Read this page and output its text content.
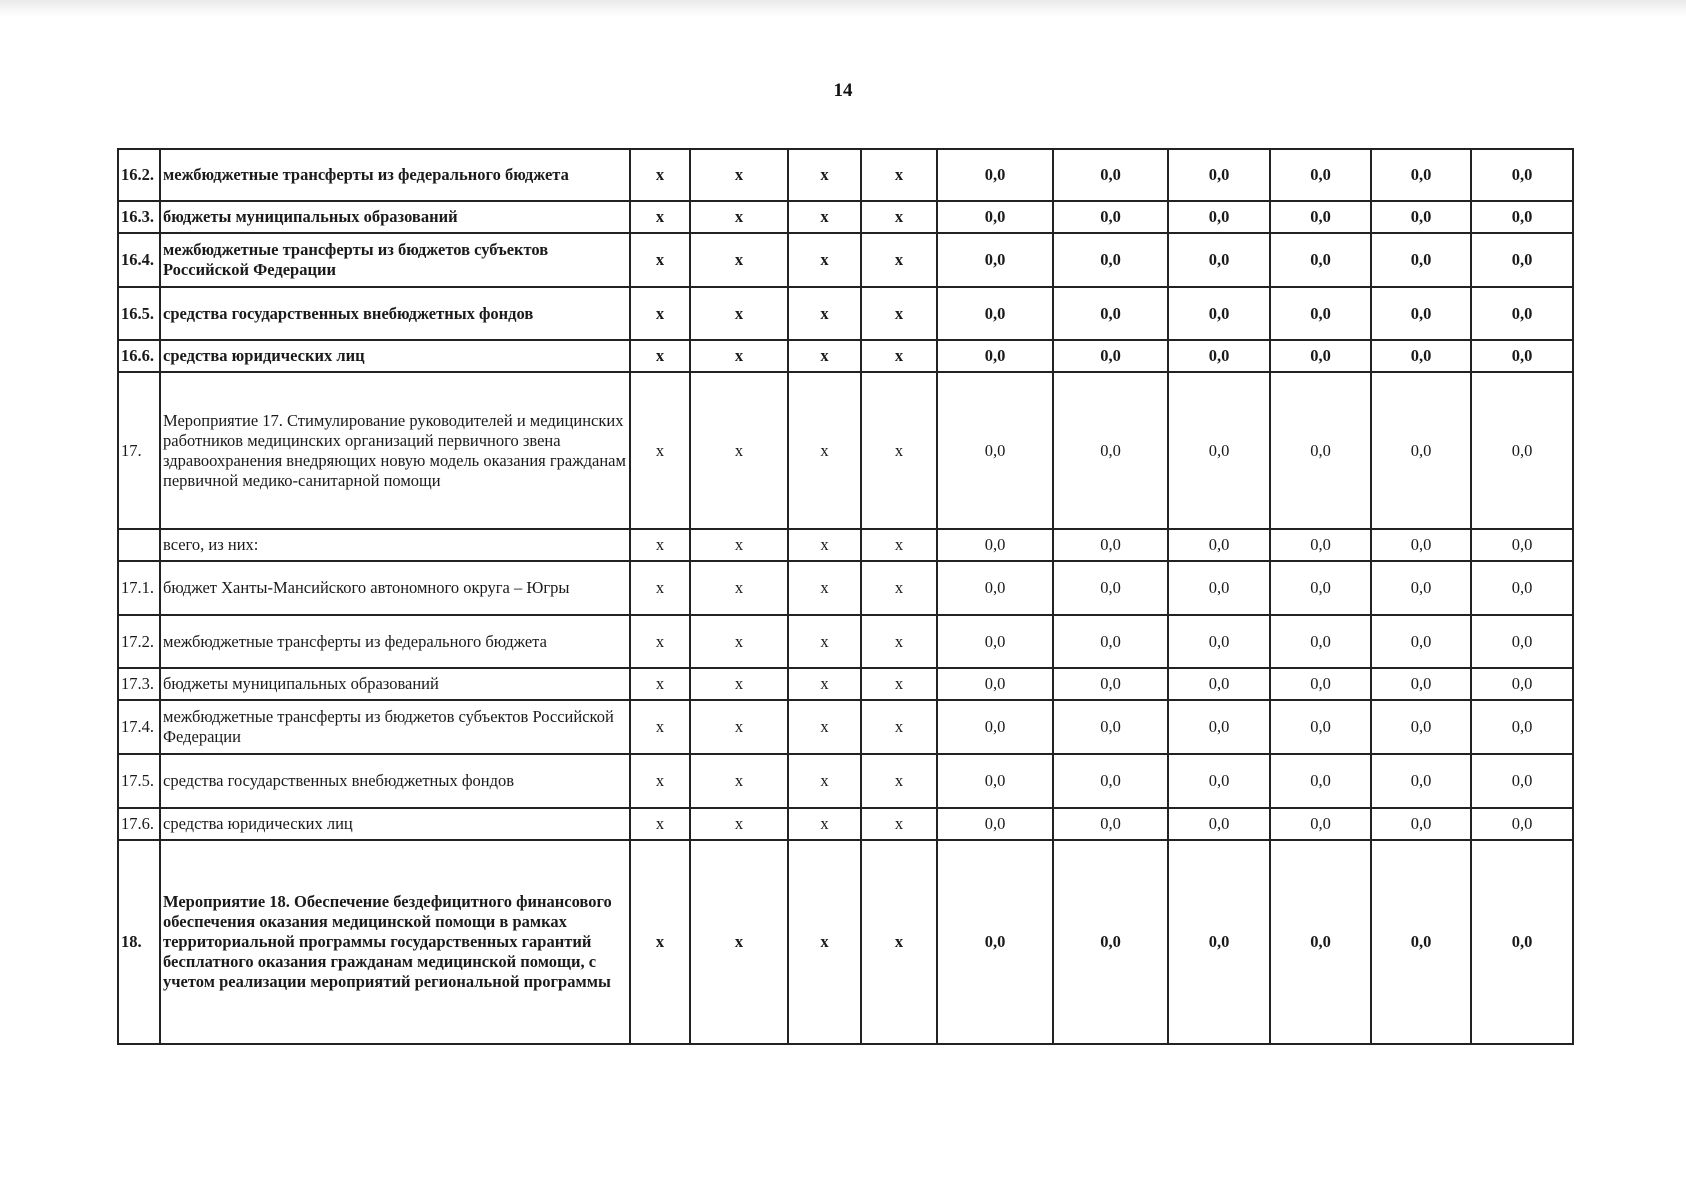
14
16.2.	межбюджетные трансферты из федерального бюджета	x	x	x	x	0,0	0,0	0,0	0,0	0,0	0,0
16.3.	бюджеты муниципальных образований	x	x	x	x	0,0	0,0	0,0	0,0	0,0	0,0
16.4.	межбюджетные трансферты из бюджетов субъектов Российской Федерации	x	x	x	x	0,0	0,0	0,0	0,0	0,0	0,0
16.5.	средства государственных внебюджетных фондов	x	x	x	x	0,0	0,0	0,0	0,0	0,0	0,0
16.6.	средства юридических лиц	x	x	x	x	0,0	0,0	0,0	0,0	0,0	0,0
17.	Мероприятие 17. Стимулирование руководителей и медицинских работников медицинских организаций первичного звена здравоохранения внедряющих новую модель оказания гражданам первичной медико-санитарной помощи	x	x	x	x	0,0	0,0	0,0	0,0	0,0	0,0
	всего, из них:	x	x	x	x	0,0	0,0	0,0	0,0	0,0	0,0
17.1.	бюджет Ханты-Мансийского автономного округа – Югры	x	x	x	x	0,0	0,0	0,0	0,0	0,0	0,0
17.2.	межбюджетные трансферты из федерального бюджета	x	x	x	x	0,0	0,0	0,0	0,0	0,0	0,0
17.3.	бюджеты муниципальных образований	x	x	x	x	0,0	0,0	0,0	0,0	0,0	0,0
17.4.	межбюджетные трансферты из бюджетов субъектов Российской Федерации	x	x	x	x	0,0	0,0	0,0	0,0	0,0	0,0
17.5.	средства государственных внебюджетных фондов	x	x	x	x	0,0	0,0	0,0	0,0	0,0	0,0
17.6.	средства юридических лиц	x	x	x	x	0,0	0,0	0,0	0,0	0,0	0,0
18.	Мероприятие 18. Обеспечение бездефицитного финансового обеспечения оказания медицинской помощи в рамках территориальной программы государственных гарантий бесплатного оказания гражданам медицинской помощи, с учетом реализации мероприятий региональной программы	x	x	x	x	0,0	0,0	0,0	0,0	0,0	0,0
